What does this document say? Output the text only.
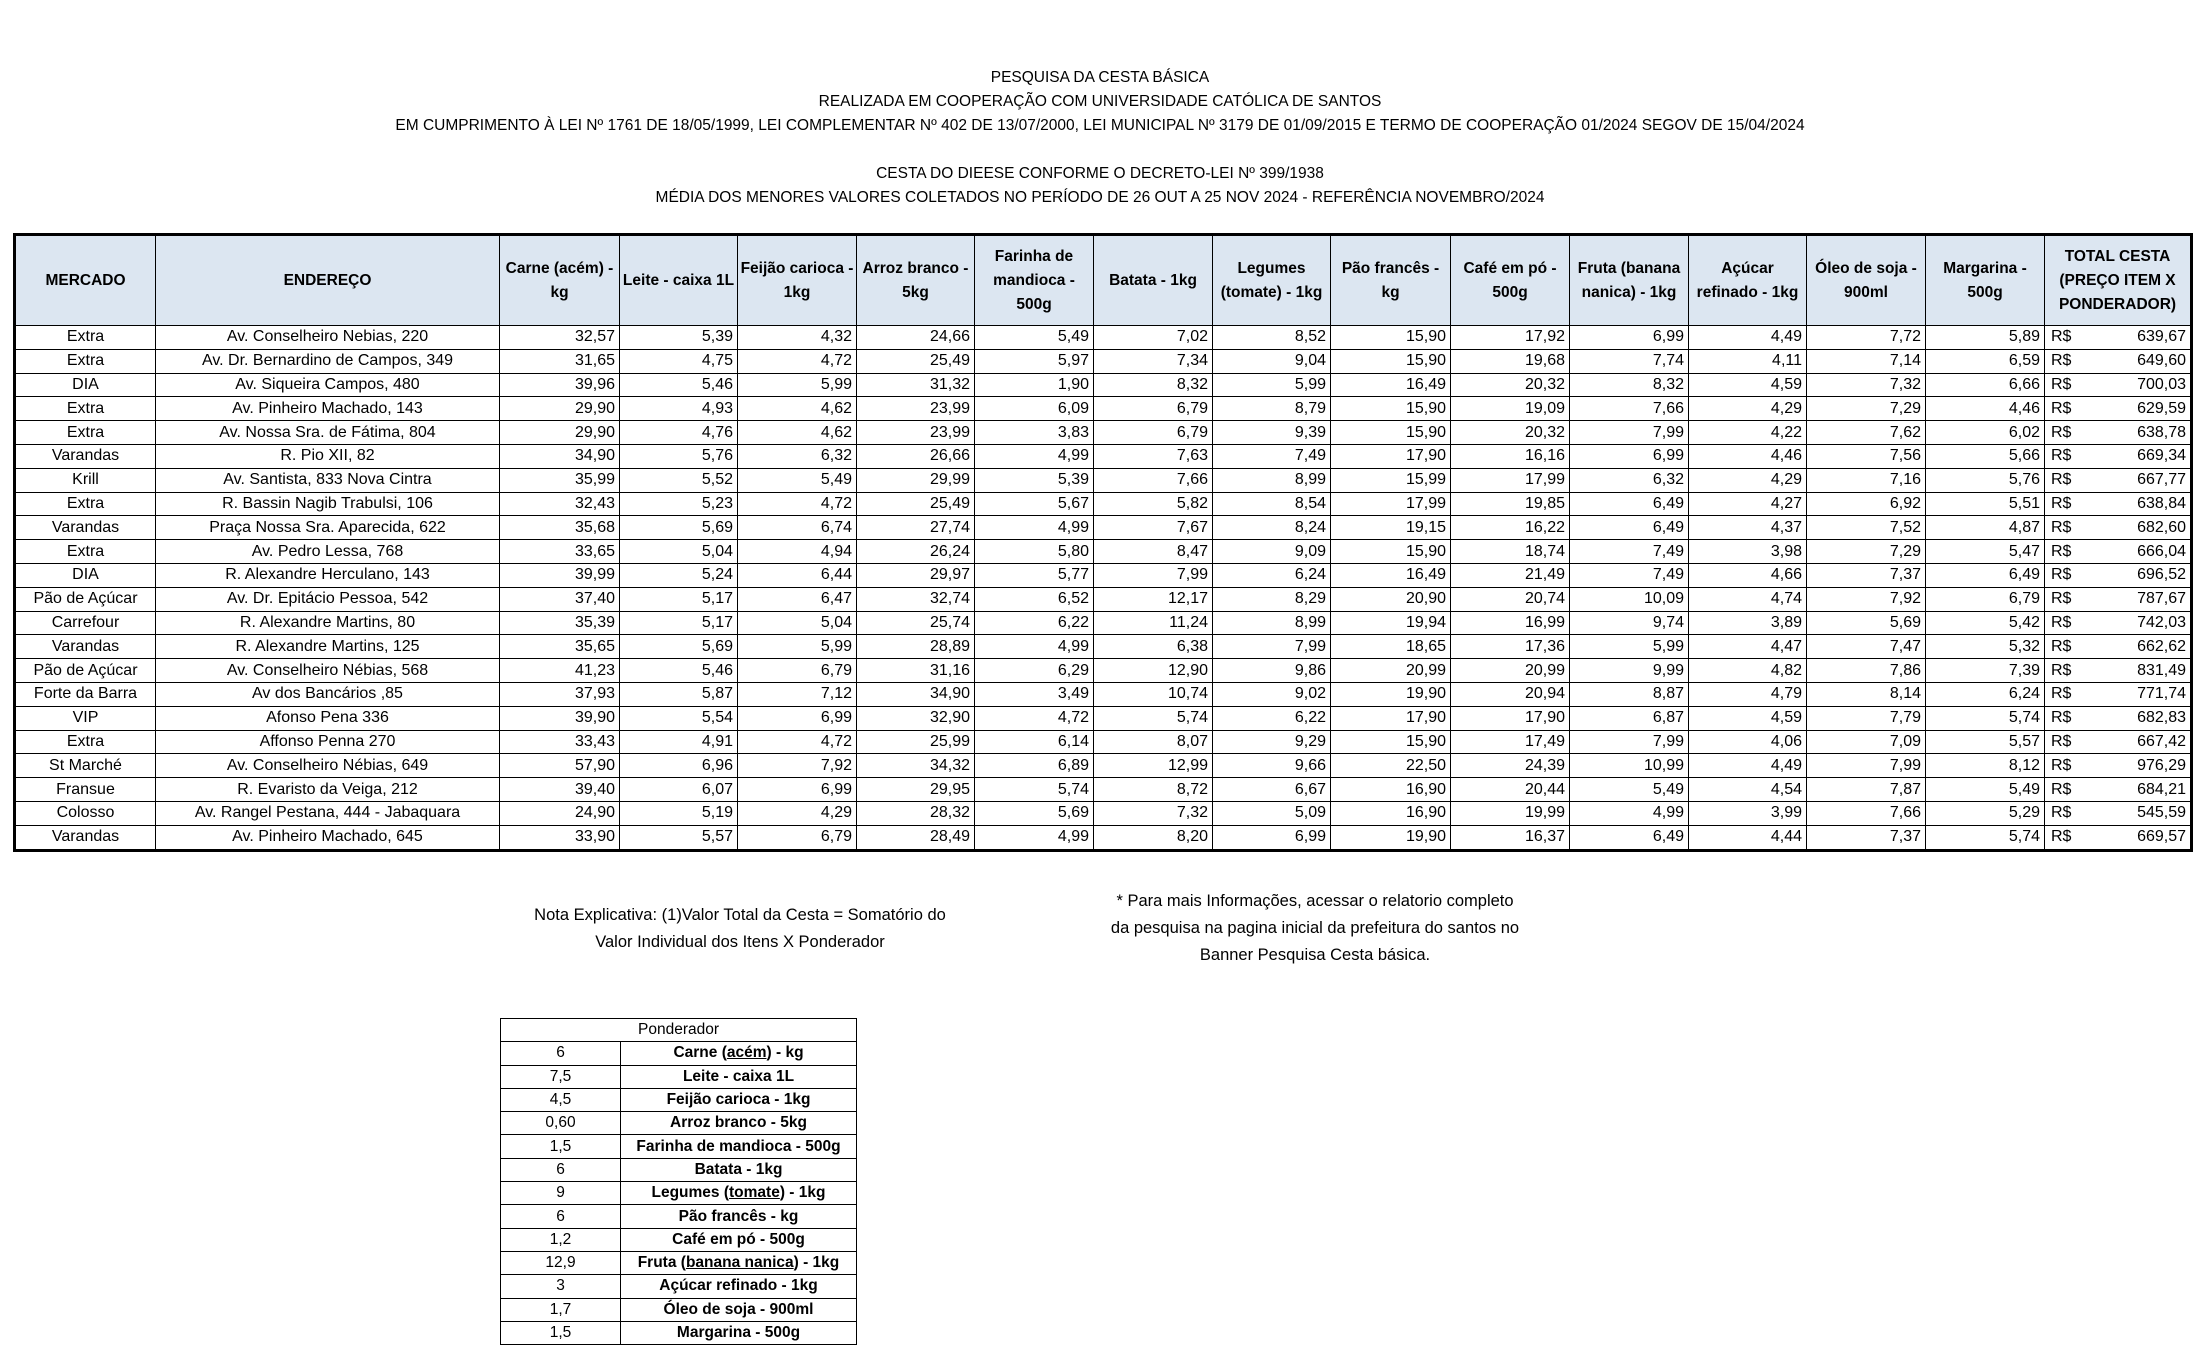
PESQUISA DA CESTA BÁSICA
REALIZADA EM COOPERAÇÃO COM UNIVERSIDADE CATÓLICA DE SANTOS
EM CUMPRIMENTO À LEI Nº 1761 DE 18/05/1999, LEI COMPLEMENTAR Nº 402 DE 13/07/2000, LEI MUNICIPAL Nº 3179 DE 01/09/2015 E TERMO DE COOPERAÇÃO 01/2024 SEGOV DE 15/04/2024
CESTA DO DIEESE CONFORME O DECRETO-LEI Nº 399/1938
MÉDIA DOS MENORES VALORES COLETADOS NO PERÍODO DE 26 OUT A 25 NOV 2024 - REFERÊNCIA NOVEMBRO/2024
MERCADO	ENDEREÇO	Carne (acém) - kg	Leite - caixa 1L	Feijão carioca - 1kg	Arroz branco - 5kg	Farinha de mandioca - 500g	Batata - 1kg	Legumes (tomate) - 1kg	Pão francês - kg	Café em pó - 500g	Fruta (banana nanica) - 1kg	Açúcar refinado - 1kg	Óleo de soja - 900ml	Margarina - 500g	TOTAL CESTA (PREÇO ITEM X PONDERADOR)	
Extra	Av. Conselheiro Nebias, 220	32,57	5,39	4,32	24,66	5,49	7,02	8,52	15,90	17,92	6,99	4,49	7,72	5,89	R$	639,67
Extra	Av. Dr. Bernardino de Campos, 349	31,65	4,75	4,72	25,49	5,97	7,34	9,04	15,90	19,68	7,74	4,11	7,14	6,59	R$	649,60
DIA	Av. Siqueira Campos, 480	39,96	5,46	5,99	31,32	1,90	8,32	5,99	16,49	20,32	8,32	4,59	7,32	6,66	R$	700,03
Extra	Av. Pinheiro Machado, 143	29,90	4,93	4,62	23,99	6,09	6,79	8,79	15,90	19,09	7,66	4,29	7,29	4,46	R$	629,59
Extra	Av. Nossa Sra. de Fátima, 804	29,90	4,76	4,62	23,99	3,83	6,79	9,39	15,90	20,32	7,99	4,22	7,62	6,02	R$	638,78
Varandas	R. Pio XII, 82	34,90	5,76	6,32	26,66	4,99	7,63	7,49	17,90	16,16	6,99	4,46	7,56	5,66	R$	669,34
Krill	Av. Santista, 833 Nova Cintra	35,99	5,52	5,49	29,99	5,39	7,66	8,99	15,99	17,99	6,32	4,29	7,16	5,76	R$	667,77
Extra	R. Bassin Nagib Trabulsi, 106	32,43	5,23	4,72	25,49	5,67	5,82	8,54	17,99	19,85	6,49	4,27	6,92	5,51	R$	638,84
Varandas	Praça Nossa Sra. Aparecida, 622	35,68	5,69	6,74	27,74	4,99	7,67	8,24	19,15	16,22	6,49	4,37	7,52	4,87	R$	682,60
Extra	Av. Pedro Lessa, 768	33,65	5,04	4,94	26,24	5,80	8,47	9,09	15,90	18,74	7,49	3,98	7,29	5,47	R$	666,04
DIA	R. Alexandre Herculano, 143	39,99	5,24	6,44	29,97	5,77	7,99	6,24	16,49	21,49	7,49	4,66	7,37	6,49	R$	696,52
Pão de Açúcar	Av. Dr. Epitácio Pessoa, 542	37,40	5,17	6,47	32,74	6,52	12,17	8,29	20,90	20,74	10,09	4,74	7,92	6,79	R$	787,67
Carrefour	R. Alexandre Martins, 80	35,39	5,17	5,04	25,74	6,22	11,24	8,99	19,94	16,99	9,74	3,89	5,69	5,42	R$	742,03
Varandas	R. Alexandre Martins, 125	35,65	5,69	5,99	28,89	4,99	6,38	7,99	18,65	17,36	5,99	4,47	7,47	5,32	R$	662,62
Pão de Açúcar	Av. Conselheiro Nébias, 568	41,23	5,46	6,79	31,16	6,29	12,90	9,86	20,99	20,99	9,99	4,82	7,86	7,39	R$	831,49
Forte da Barra	Av dos Bancários ,85	37,93	5,87	7,12	34,90	3,49	10,74	9,02	19,90	20,94	8,87	4,79	8,14	6,24	R$	771,74
VIP	Afonso Pena 336	39,90	5,54	6,99	32,90	4,72	5,74	6,22	17,90	17,90	6,87	4,59	7,79	5,74	R$	682,83
Extra	Affonso Penna 270	33,43	4,91	4,72	25,99	6,14	8,07	9,29	15,90	17,49	7,99	4,06	7,09	5,57	R$	667,42
St Marché	Av. Conselheiro Nébias, 649	57,90	6,96	7,92	34,32	6,89	12,99	9,66	22,50	24,39	10,99	4,49	7,99	8,12	R$	976,29
Fransue	R. Evaristo da Veiga, 212	39,40	6,07	6,99	29,95	5,74	8,72	6,67	16,90	20,44	5,49	4,54	7,87	5,49	R$	684,21
Colosso	Av. Rangel Pestana, 444 - Jabaquara	24,90	5,19	4,29	28,32	5,69	7,32	5,09	16,90	19,99	4,99	3,99	7,66	5,29	R$	545,59
Varandas	Av. Pinheiro Machado, 645	33,90	5,57	6,79	28,49	4,99	8,20	6,99	19,90	16,37	6,49	4,44	7,37	5,74	R$	669,57
Nota Explicativa: (1)Valor Total da Cesta = Somatório do
Valor Individual dos Itens X Ponderador
* Para mais Informações, acessar o relatorio completo
da pesquisa na pagina inicial da prefeitura do santos no
Banner Pesquisa Cesta básica.
Ponderador	
6	Carne (acém) - kg
7,5	Leite - caixa 1L
4,5	Feijão carioca - 1kg
0,60	Arroz branco - 5kg
1,5	Farinha de mandioca - 500g
6	Batata - 1kg
9	Legumes (tomate) - 1kg
6	Pão francês - kg
1,2	Café em pó - 500g
12,9	Fruta (banana nanica) - 1kg
3	Açúcar refinado - 1kg
1,7	Óleo de soja - 900ml
1,5	Margarina - 500g
